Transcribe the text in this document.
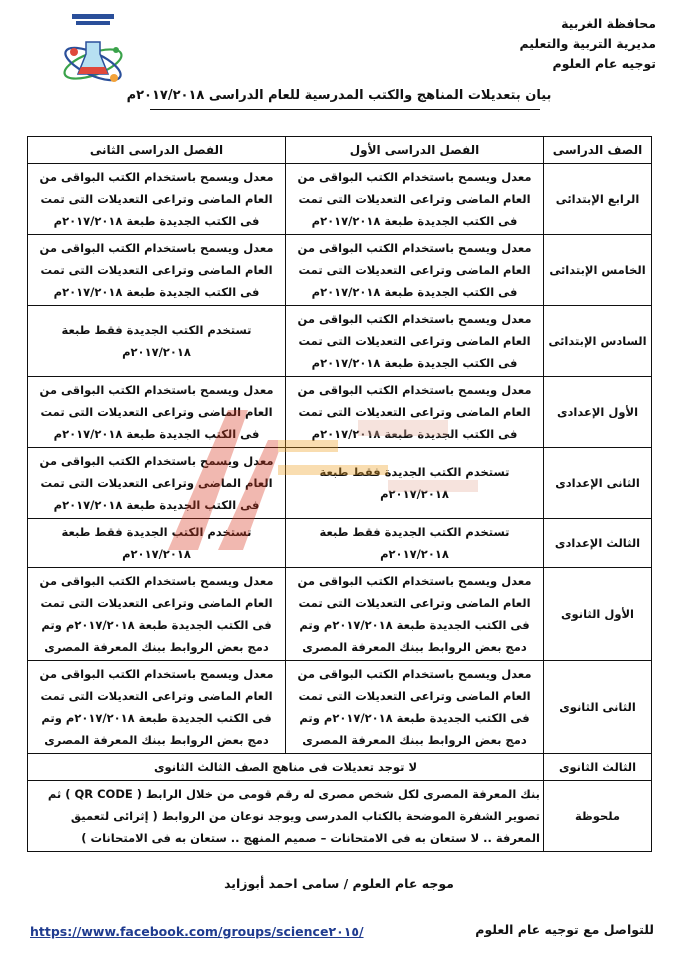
محافظة الغربية
مديرية التربية والتعليم
توجيه عام العلوم
بيان بتعديلات المناهج والكتب المدرسية للعام الدراسى ٢٠١٧/٢٠١٨م
الصف الدراسى	الفصل الدراسى الأول	الفصل الدراسى الثانى
الرابع الإبتدائى	معدل ويسمح باستخدام الكتب البواقى من العام الماضى وتراعى التعديلات التى تمت فى الكتب الجديدة طبعة ٢٠١٧/٢٠١٨م	معدل ويسمح باستخدام الكتب البواقى من العام الماضى وتراعى التعديلات التى تمت فى الكتب الجديدة طبعة ٢٠١٧/٢٠١٨م
الخامس الإبتدائى	معدل ويسمح باستخدام الكتب البواقى من العام الماضى وتراعى التعديلات التى تمت فى الكتب الجديدة طبعة ٢٠١٧/٢٠١٨م	معدل ويسمح باستخدام الكتب البواقى من العام الماضى وتراعى التعديلات التى تمت فى الكتب الجديدة طبعة ٢٠١٧/٢٠١٨م
السادس الإبتدائى	معدل ويسمح باستخدام الكتب البواقى من العام الماضى وتراعى التعديلات التى تمت فى الكتب الجديدة طبعة ٢٠١٧/٢٠١٨م	تستخدم الكتب الجديدة فقط طبعة ٢٠١٧/٢٠١٨م
الأول الإعدادى	معدل ويسمح باستخدام الكتب البواقى من العام الماضى وتراعى التعديلات التى تمت فى الكتب الجديدة طبعة ٢٠١٧/٢٠١٨م	معدل ويسمح باستخدام الكتب البواقى من العام الماضى وتراعى التعديلات التى تمت فى الكتب الجديدة طبعة ٢٠١٧/٢٠١٨م
الثانى الإعدادى	تستخدم الكتب الجديدة فقط طبعة ٢٠١٧/٢٠١٨م	معدل ويسمح باستخدام الكتب البواقى من العام الماضى وتراعى التعديلات التى تمت فى الكتب الجديدة طبعة ٢٠١٧/٢٠١٨م
الثالث الإعدادى	تستخدم الكتب الجديدة فقط طبعة ٢٠١٧/٢٠١٨م	تستخدم الكتب الجديدة فقط طبعة ٢٠١٧/٢٠١٨م
الأول الثانوى	معدل ويسمح باستخدام الكتب البواقى من العام الماضى وتراعى التعديلات التى تمت فى الكتب الجديدة طبعة ٢٠١٧/٢٠١٨م وتم دمج بعض الروابط ببنك المعرفة المصرى	معدل ويسمح باستخدام الكتب البواقى من العام الماضى وتراعى التعديلات التى تمت فى الكتب الجديدة طبعة ٢٠١٧/٢٠١٨م وتم دمج بعض الروابط ببنك المعرفة المصرى
الثانى الثانوى	معدل ويسمح باستخدام الكتب البواقى من العام الماضى وتراعى التعديلات التى تمت فى الكتب الجديدة طبعة ٢٠١٧/٢٠١٨م وتم دمج بعض الروابط ببنك المعرفة المصرى	معدل ويسمح باستخدام الكتب البواقى من العام الماضى وتراعى التعديلات التى تمت فى الكتب الجديدة طبعة ٢٠١٧/٢٠١٨م وتم دمج بعض الروابط ببنك المعرفة المصرى
الثالث الثانوى	لا توجد تعديلات فى مناهج الصف الثالث الثانوى	
ملحوظة	بنك المعرفة المصرى لكل شخص مصرى له رقم قومى من خلال الرابط ( QR CODE ) ثم تصوير الشفرة الموضحة بالكتاب المدرسى ويوجد نوعان من الروابط ( إثرائى لتعميق المعرفة .. لا ستعان به فى الامتحانات – صميم المنهج .. ستعان به فى الامتحانات )	
موجه عام العلوم / سامى احمد أبوزايد
https://www.facebook.com/groups/science٢٠١٥/	للتواصل مع توجيه عام العلوم
